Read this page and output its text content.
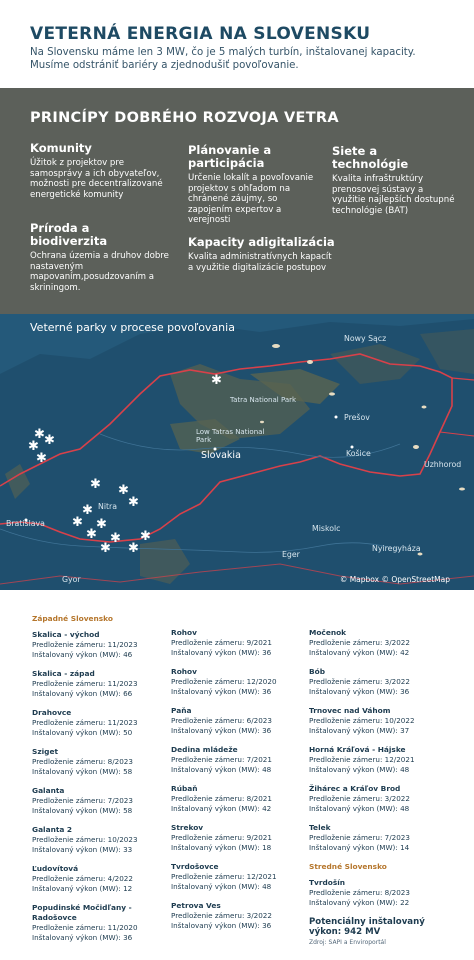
VETERNÁ ENERGIA NA SLOVENSKU
Na Slovensku máme len 3 MW, čo je 5 malých turbín, inštalovanej kapacity. Musíme odstrániť bariéry a zjednodušiť povoľovanie.
PRINCÍPY DOBRÉHO ROZVOJA VETRA
Komunity

Úžitok z projektov pre samosprávy a ich obyvateľov, možnosti pre decentralizované energetické komunity

Plánovanie a participácia

Určenie lokalít a povoľovanie projektov s ohľadom na chránené záujmy, so zapojením expertov a verejnosti

Siete a technológie

Kvalita infraštruktúry prenosovej sústavy a využitie najlepších dostupné technológie (BAT)

Príroda a biodiverzita

Ochrana územia a druhov dobre nastaveným mapovaním,posudzovaním a skriningom.

Kapacity adigitalizácia

Kvalita administratívnych kapacít a využitie digitalizácie postupov

Veterné parky v procese povoľovania
Nowy Sącz
Tatra National Park
Low Tatras National Park
Slovakia
Prešov
Košice
Uzhhorod
Bratislava
Nitra
Miskolc
Nyiregyháza
Eger
Gyor
✱
✱ ✱
✱
✱
✱ ✱
✱
✱
✱ ✱
✱ ✱ ✱
✱ ✱
© Mapbox © OpenStreetMap
Západné Slovensko
Skalica - východ
Predloženie zámeru: 11/2023
Inštalovaný výkon (MW): 46
Skalica - západ
Predloženie zámeru: 11/2023
Inštalovaný výkon (MW): 66
Drahovce
Predloženie zámeru: 11/2023
Inštalovaný výkon (MW): 50
Sziget
Predloženie zámeru: 8/2023
Inštalovaný výkon (MW): 58
Galanta
Predloženie zámeru: 7/2023
Inštalovaný výkon (MW): 58
Galanta 2
Predloženie zámeru: 10/2023
Inštalovaný výkon (MW): 33
Ľudovítová
Predloženie zámeru: 4/2022
Inštalovaný výkon (MW): 12
Popudinské Močidľany - Radošovce
Predloženie zámeru: 11/2020
Inštalovaný výkon (MW): 36
Rohov
Predloženie zámeru: 9/2021
Inštalovaný výkon (MW): 36
Rohov
Predloženie zámeru: 12/2020
Inštalovaný výkon (MW): 36
Paňa
Predloženie zámeru: 6/2023
Inštalovaný výkon (MW): 36
Dedina mládeže
Predloženie zámeru: 7/2021
Inštalovaný výkon (MW): 48
Rúbaň
Predloženie zámeru: 8/2021
Inštalovaný výkon (MW): 42
Strekov
Predloženie zámeru: 9/2021
Inštalovaný výkon (MW): 18
Tvrdošovce
Predloženie zámeru: 12/2021
Inštalovaný výkon (MW): 48
Petrova Ves
Predloženie zámeru: 3/2022
Inštalovaný výkon (MW): 36
Močenok
Predloženie zámeru: 3/2022
Inštalovaný výkon (MW): 42
Bób
Predloženie zámeru: 3/2022
Inštalovaný výkon (MW): 36
Trnovec nad Váhom
Predloženie zámeru: 10/2022
Inštalovaný výkon (MW): 37
Horná Kráľová - Hájske
Predloženie zámeru: 12/2021
Inštalovaný výkon (MW): 48
Žihárec a Kráľov Brod
Predloženie zámeru: 3/2022
Inštalovaný výkon (MW): 48
Telek
Predloženie zámeru: 7/2023
Inštalovaný výkon (MW): 14
Stredné Slovensko
Tvrdošín
Predloženie zámeru: 8/2023
Inštalovaný výkon (MW): 22
Potenciálny inštalovaný výkon: 942 MV
Zdroj: SAPI a Enviroportál
